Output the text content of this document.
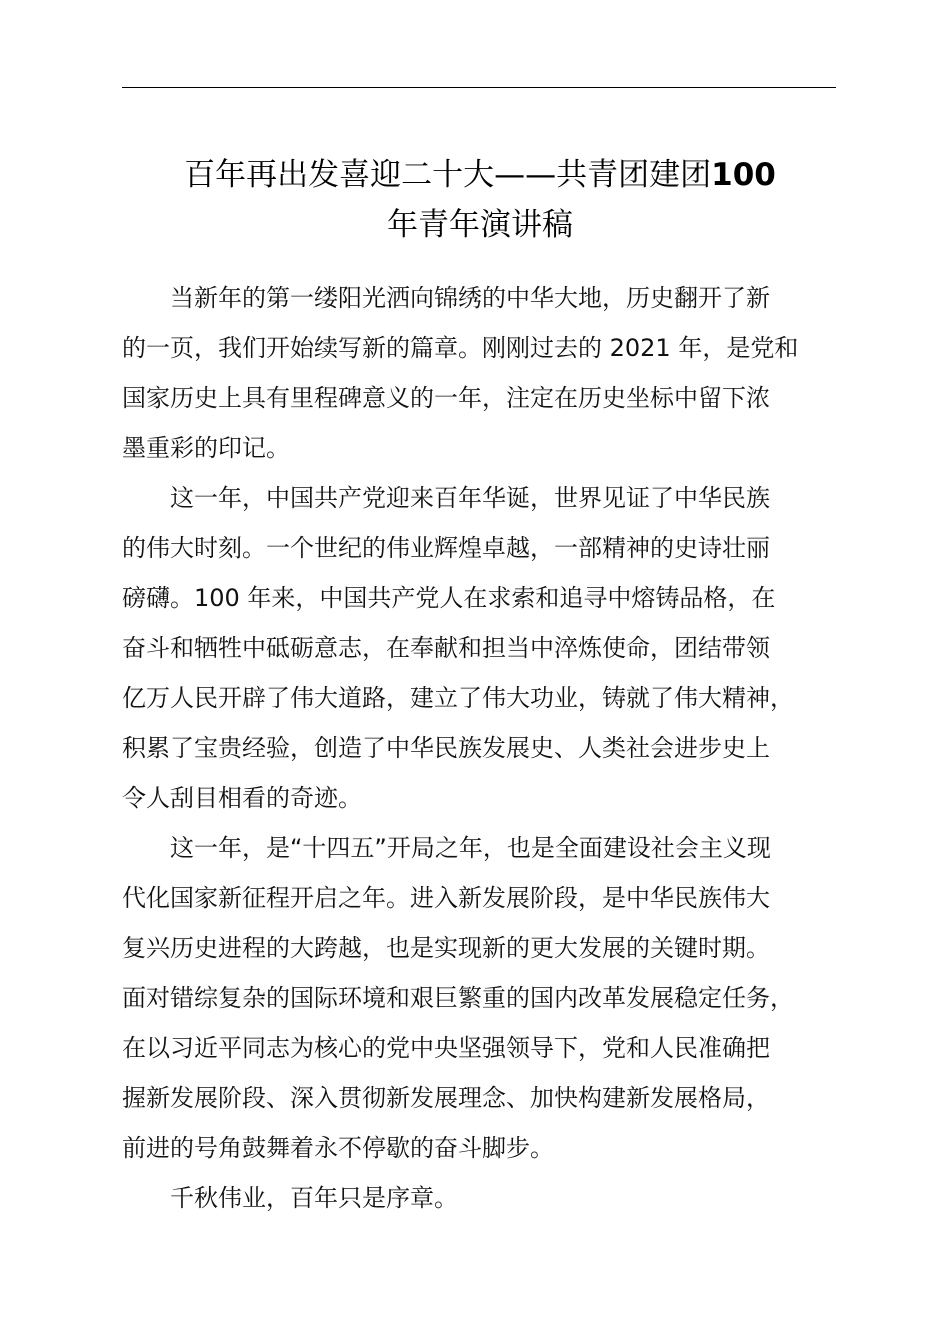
百年再出发喜迎二十大——共青团建团100
年青年演讲稿

当新年的第一缕阳光洒向锦绣的中华大地，历史翻开了新
的一页，我们开始续写新的篇章。刚刚过去的 2021 年，是党和
国家历史上具有里程碑意义的一年，注定在历史坐标中留下浓
墨重彩的印记。

这一年，中国共产党迎来百年华诞，世界见证了中华民族
的伟大时刻。一个世纪的伟业辉煌卓越，一部精神的史诗壮丽
磅礴。100 年来，中国共产党人在求索和追寻中熔铸品格，在
奋斗和牺牲中砥砺意志，在奉献和担当中淬炼使命，团结带领
亿万人民开辟了伟大道路，建立了伟大功业，铸就了伟大精神，
积累了宝贵经验，创造了中华民族发展史、人类社会进步史上
令人刮目相看的奇迹。

这一年，是“十四五”开局之年，也是全面建设社会主义现
代化国家新征程开启之年。进入新发展阶段，是中华民族伟大
复兴历史进程的大跨越，也是实现新的更大发展的关键时期。
面对错综复杂的国际环境和艰巨繁重的国内改革发展稳定任务，
在以习近平同志为核心的党中央坚强领导下，党和人民准确把
握新发展阶段、深入贯彻新发展理念、加快构建新发展格局，
前进的号角鼓舞着永不停歇的奋斗脚步。

千秋伟业，百年只是序章。
